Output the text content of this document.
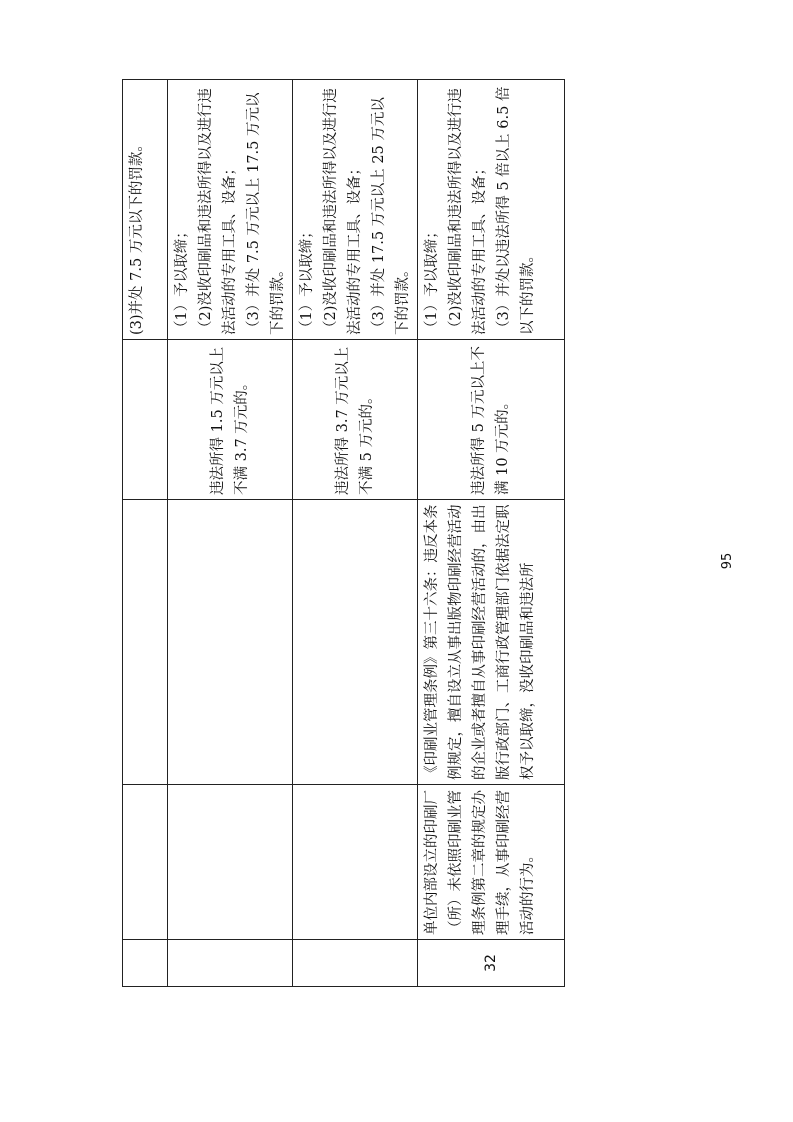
				(3)并处 7.5 万元以下的罚款。
			违法所得 1.5 万元以上不满 3.7 万元的。	（1）予以取缔； （2)没收印刷品和违法所得以及进行违法活动的专用工具、设备； （3）并处 7.5 万元以上 17.5 万元以下的罚款。

			违法所得 3.7 万元以上不满 5 万元的。	（1）予以取缔； （2)没收印刷品和违法所得以及进行违法活动的专用工具、设备； （3）并处 17.5 万元以上 25 万元以下的罚款。

32	单位内部设立的印刷厂（所）未依照印刷业管理条例第二章的规定办理手续，从事印刷经营活动的行为。	《印刷业管理条例》第三十六条：违反本条例规定，擅自设立从事出版物印刷经营活动的企业或者擅自从事印刷经营活动的，由出版行政部门、工商行政管理部门依据法定职权予以取缔，没收印刷品和违法所	违法所得 5 万元以上不满 10 万元的。	（1）予以取缔； （2)没收印刷品和违法所得以及进行违法活动的专用工具、设备； （3）并处以违法所得 5 倍以上 6.5 倍以下的罚款。
95
